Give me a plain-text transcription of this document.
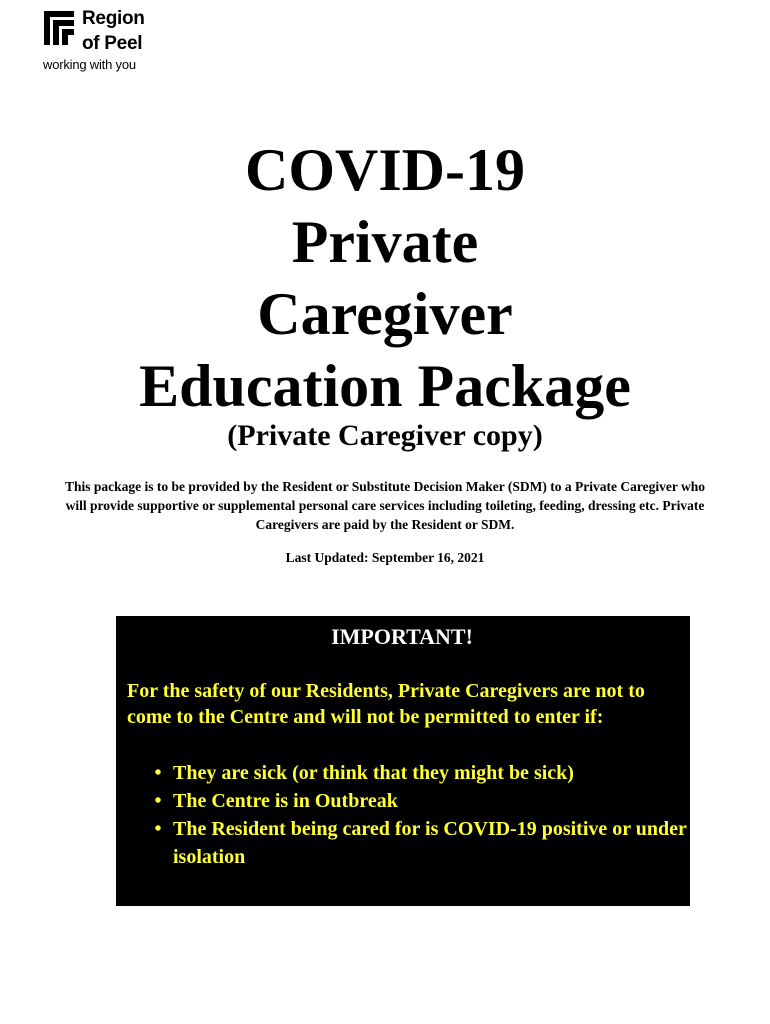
Region
of Peel
working with you
COVID-19
Private
Caregiver
Education Package
(Private Caregiver copy)

This package is to be provided by the Resident or Substitute Decision Maker (SDM) to a Private Caregiver who will provide supportive or supplemental personal care services including toileting, feeding, dressing etc. Private Caregivers are paid by the Resident or SDM.

Last Updated: September 16, 2021

IMPORTANT!

For the safety of our Residents, Private Caregivers are not to come to the Centre and will not be permitted to enter if:

• They are sick (or think that they might be sick)
• The Centre is in Outbreak
• The Resident being cared for is COVID-19 positive or under isolation
